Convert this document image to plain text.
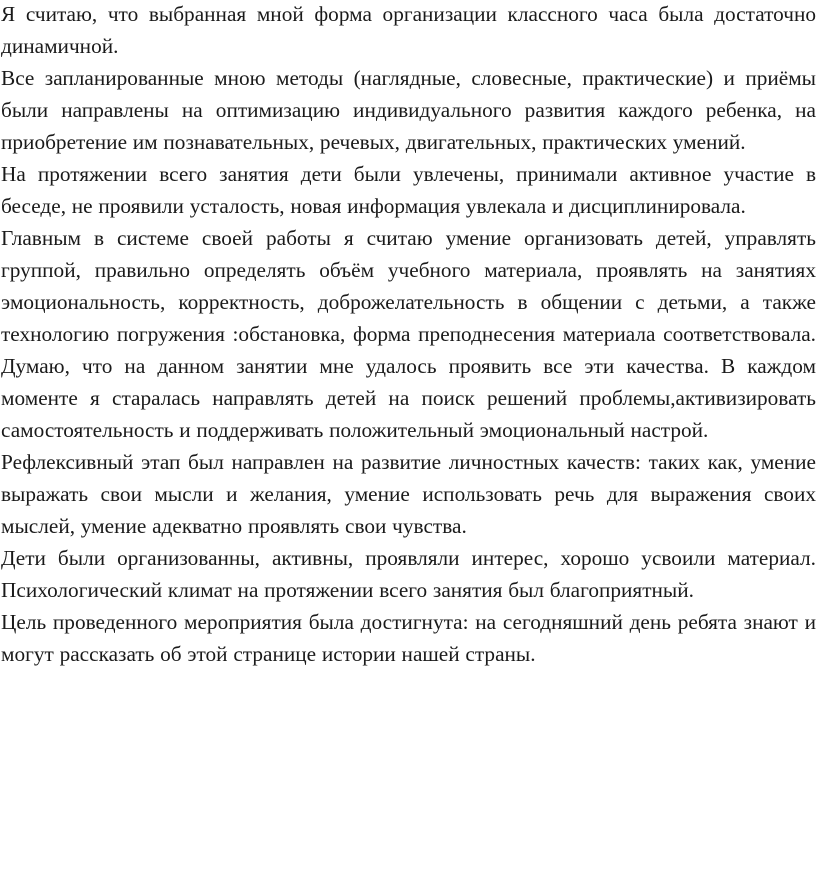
Я считаю, что выбранная мной форма организации классного часа была достаточно динамичной.

Все запланированные мною методы (наглядные, словесные, практические) и приёмы были направлены на оптимизацию индивидуального развития каждого ребенка, на приобретение им познавательных, речевых, двигательных, практических умений.

На протяжении всего занятия дети были увлечены, принимали активное участие в беседе, не проявили усталость, новая информация увлекала и дисциплинировала.

Главным в системе своей работы я считаю умение организовать детей, управлять группой, правильно определять объём учебного материала, проявлять на занятиях эмоциональность, корректность, доброжелательность в общении с детьми, а также технологию погружения :обстановка, форма преподнесения материала соответствовала. Думаю, что на данном занятии мне удалось проявить все эти качества. В каждом моменте я старалась направлять детей на поиск решений проблемы,активизировать самостоятельность и поддерживать положительный эмоциональный настрой.

Рефлексивный этап был направлен на развитие личностных качеств: таких как, умение выражать свои мысли и желания, умение использовать речь для выражения своих мыслей, умение адекватно проявлять свои чувства.

Дети были организованны, активны, проявляли интерес, хорошо усвоили материал. Психологический климат на протяжении всего занятия был благоприятный.

Цель проведенного мероприятия была достигнута: на сегодняшний день ребята знают и могут рассказать об этой странице истории нашей страны.
